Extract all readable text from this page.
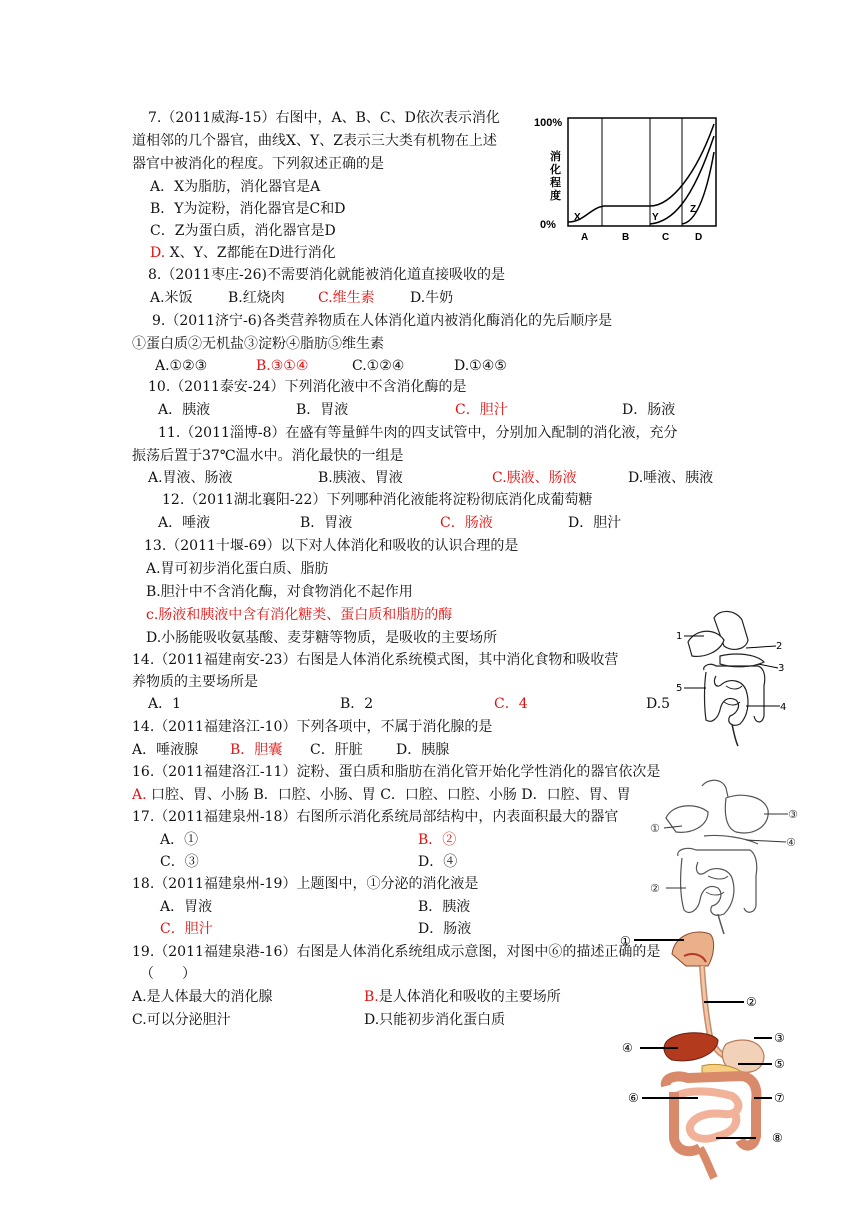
7.（2011威海-15）右图中，A、B、C、D依次表示消化
道相邻的几个器官，曲线X、Y、Z表示三大类有机物在上述
器官中被消化的程度。下列叙述正确的是
A．X为脂肪，消化器官是A
B．Y为淀粉，消化器官是C和D
C．Z为蛋白质，消化器官是D
D. X、Y、Z都能在D进行消化
100%
0%
消
化
程
度
X	Y
Z
A	B	C	D
8.（2011枣庄-26)不需要消化就能被消化道直接吸收的是
A.米饭	B.红烧肉 C.维生素	D.牛奶
9.（2011济宁-6)各类营养物质在人体消化道内被消化酶消化的先后顺序是
①蛋白质②无机盐③淀粉④脂肪⑤维生素
A.①②③	B.③①④	C.①②④	D.①④⑤
10.（2011泰安-24）下列消化液中不含消化酶的是
A．胰液	B．胃液	C．胆汁	D．肠液
11.（2011淄博-8）在盛有等量鲜牛肉的四支试管中，分别加入配制的消化液，充分
振荡后置于37℃温水中。消化最快的一组是
A.胃液、肠液	B.胰液、胃液	C.胰液、肠液	D.唾液、胰液
12.（2011湖北襄阳-22）下列哪种消化液能将淀粉彻底消化成葡萄糖
A．唾液	B．胃液	C．肠液	D．胆汁
13.（2011十堰-69）以下对人体消化和吸收的认识合理的是
A.胃可初步消化蛋白质、脂肪
B.胆汁中不含消化酶，对食物消化不起作用
c.肠液和胰液中含有消化糖类、蛋白质和脂肪的酶
D.小肠能吸收氨基酸、麦芽糖等物质，是吸收的主要场所	1
2
3
4
5
14.（2011福建南安-23）右图是人体消化系统模式图，其中消化食物和吸收营
养物质的主要场所是
A．1	B．2	C．4	D.5
14.（2011福建洛江-10）下列各项中，不属于消化腺的是
A．唾液腺 B．胆囊 C．肝脏 D．胰腺
16.（2011福建洛江-11）淀粉、蛋白质和脂肪在消化管开始化学性消化的器官依次是
A. 口腔、胃、小肠 B．口腔、小肠、胃 C．口腔、口腔、小肠 D．口腔、胃、胃
17.（2011福建泉州-18）右图所示消化系统局部结构中，内表面积最大的器官
A．①	B．②
C．③	D．④
①
②
③
④
18.（2011福建泉州-19）上题图中，①分泌的消化液是
A．胃液	B．胰液
C．胆汁	D．肠液
19.（2011福建泉港-16）右图是人体消化系统组成示意图，对图中⑥的描述正确的是
（　　）
A.是人体最大的消化腺	B.是人体消化和吸收的主要场所
C.可以分泌胆汁	D.只能初步消化蛋白质
①
②
③
④
⑤
⑥	⑦
⑧
